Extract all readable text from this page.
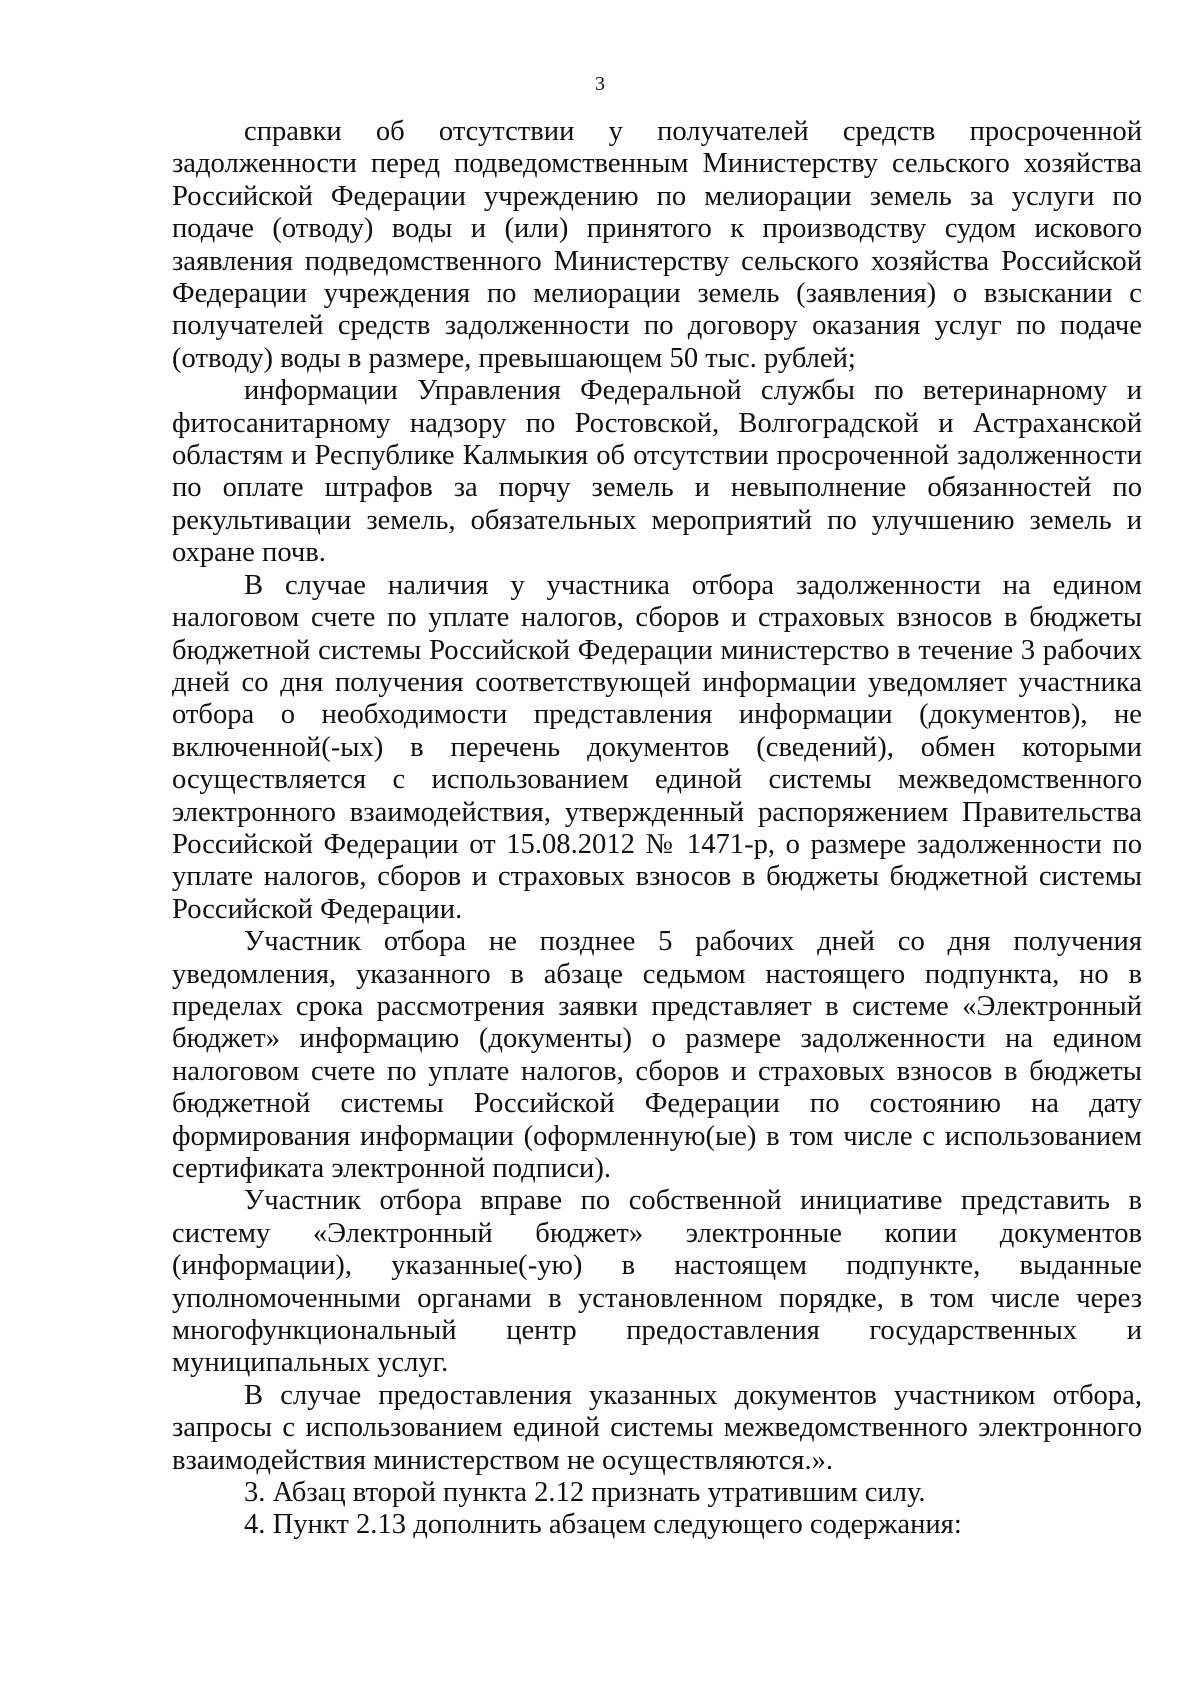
3

справки об отсутствии у получателей средств просроченной задолженности перед подведомственным Министерству сельского хозяйства Российской Федерации учреждению по мелиорации земель за услуги по подаче (отводу) воды и (или) принятого к производству судом искового заявления подведомственного Министерству сельского хозяйства Российской Федерации учреждения по мелиорации земель (заявления) о взыскании с получателей средств задолженности по договору оказания услуг по подаче (отводу) воды в размере, превышающем 50 тыс. рублей;

информации Управления Федеральной службы по ветеринарному и фитосанитарному надзору по Ростовской, Волгоградской и Астраханской областям и Республике Калмыкия об отсутствии просроченной задолженности по оплате штрафов за порчу земель и невыполнение обязанностей по рекультивации земель, обязательных мероприятий по улучшению земель и охране почв.

В случае наличия у участника отбора задолженности на едином налоговом счете по уплате налогов, сборов и страховых взносов в бюджеты бюджетной системы Российской Федерации министерство в течение 3 рабочих дней со дня получения соответствующей информации уведомляет участника отбора о необходимости представления информации (документов), не включенной(-ых) в перечень документов (сведений), обмен которыми осуществляется с использованием единой системы межведомственного электронного взаимодействия, утвержденный распоряжением Правительства Российской Федерации от 15.08.2012 № 1471-р, о размере задолженности по уплате налогов, сборов и страховых взносов в бюджеты бюджетной системы Российской Федерации.

Участник отбора не позднее 5 рабочих дней со дня получения уведомления, указанного в абзаце седьмом настоящего подпункта, но в пределах срока рассмотрения заявки представляет в системе «Электронный бюджет» информацию (документы) о размере задолженности на едином налоговом счете по уплате налогов, сборов и страховых взносов в бюджеты бюджетной системы Российской Федерации по состоянию на дату формирования информации (оформленную(ые) в том числе с использованием сертификата электронной подписи).

Участник отбора вправе по собственной инициативе представить в систему «Электронный бюджет» электронные копии документов (информации), указанные(-ую) в настоящем подпункте, выданные уполномоченными органами в установленном порядке, в том числе через многофункциональный центр предоставления государственных и муниципальных услуг.

В случае предоставления указанных документов участником отбора, запросы с использованием единой системы межведомственного электронного взаимодействия министерством не осуществляются.».

3. Абзац второй пункта 2.12 признать утратившим силу.

4. Пункт 2.13 дополнить абзацем следующего содержания:
